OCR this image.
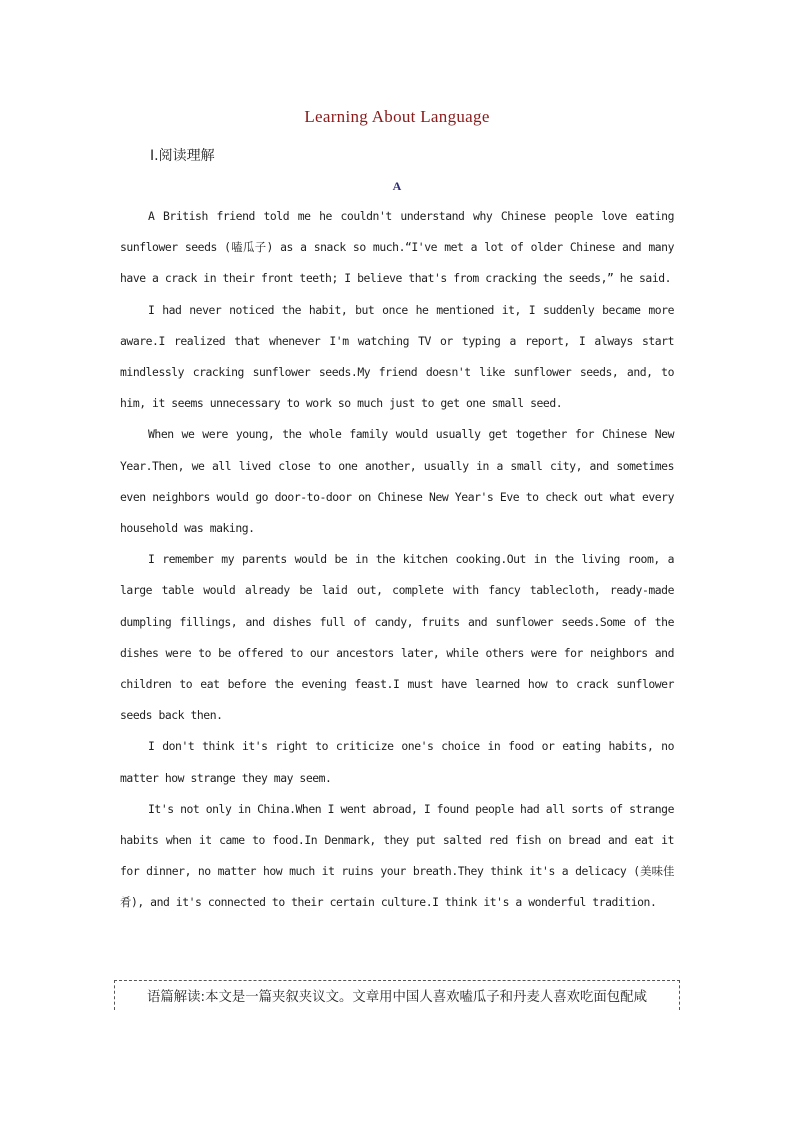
Learning About Language
Ⅰ.阅读理解
A

A British friend told me he couldn't understand why Chinese people love eating sunflower seeds (嗑瓜子) as a snack so much.“I've met a lot of older Chinese and many have a crack in their front teeth; I believe that's from cracking the seeds,” he said.

I had never noticed the habit, but once he mentioned it, I suddenly became more aware.I realized that whenever I'm watching TV or typing a report, I always start mindlessly cracking sunflower seeds.My friend doesn't like sunflower seeds, and, to him, it seems unnecessary to work so much just to get one small seed.

When we were young, the whole family would usually get together for Chinese New Year.Then, we all lived close to one another, usually in a small city, and sometimes even neighbors would go door-to-door on Chinese New Year's Eve to check out what every household was making.

I remember my parents would be in the kitchen cooking.Out in the living room, a large table would already be laid out, complete with fancy tablecloth, ready-made dumpling fillings, and dishes full of candy, fruits and sunflower seeds.Some of the dishes were to be offered to our ancestors later, while others were for neighbors and children to eat before the evening feast.I must have learned how to crack sunflower seeds back then.

I don't think it's right to criticize one's choice in food or eating habits, no matter how strange they may seem.

It's not only in China.When I went abroad, I found people had all sorts of strange habits when it came to food.In Denmark, they put salted red fish on bread and eat it for dinner, no matter how much it ruins your breath.They think it's a delicacy (美味佳肴), and it's connected to their certain culture.I think it's a wonderful tradition.

语篇解读:本文是一篇夹叙夹议文。文章用中国人喜欢嗑瓜子和丹麦人喜欢吃面包配咸
